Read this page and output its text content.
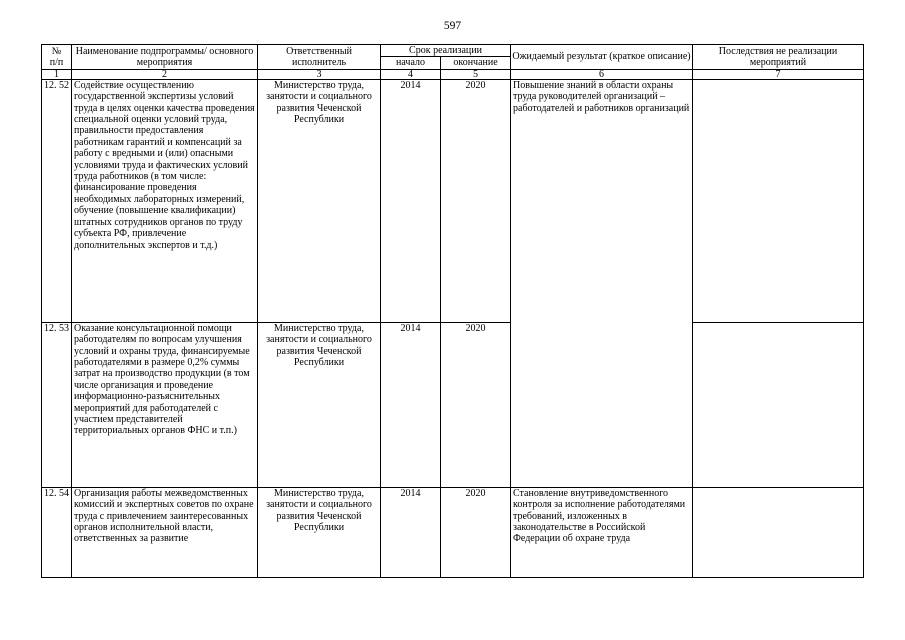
597
№
п/п	Наименование подпрограммы/ основного мероприятия	Ответственный исполнитель	Срок реализации		Ожидаемый результат (краткое описание)	Последствия не реализации мероприятий
			начало	окончание		
1	2	3	4	5	6	7
12. 52	Содействие осуществлению государственной экспертизы условий труда в целях оценки качества проведения специальной оценки условий труда, правильности предоставления работникам гарантий и компенсаций за работу с вредными и (или) опасными условиями труда и фактических условий труда работников (в том числе: финансирование проведения необходимых лабораторных измерений, обучение (повышение квалификации) штатных сотрудников органов по труду субъекта РФ, привлечение дополнительных экспертов и т.д.)	Министерство труда, занятости и социального развития Чеченской Республики	2014	2020	Повышение знаний в области охраны труда руководителей организаций – работодателей и работников организаций	
12. 53	Оказание консультационной помощи работодателям по вопросам улучшения условий и охраны труда, финансируемые работодателями в размере 0,2% суммы затрат на производство продукции (в том числе организация и проведение информационно-разъяснительных мероприятий для работодателей с участием представителей территориальных органов ФНС и т.п.)	Министерство труда, занятости и социального развития Чеченской Республики	2014	2020		
12. 54	Организация работы межведомственных комиссий и экспертных советов по охране труда с привлечением заинтересованных органов исполнительной власти, ответственных за развитие	Министерство труда, занятости и социального развития Чеченской Республики	2014	2020	Становление внутриведомственного контроля за исполнение работодателями требований, изложенных в законодательстве в Российской Федерации об охране труда	
